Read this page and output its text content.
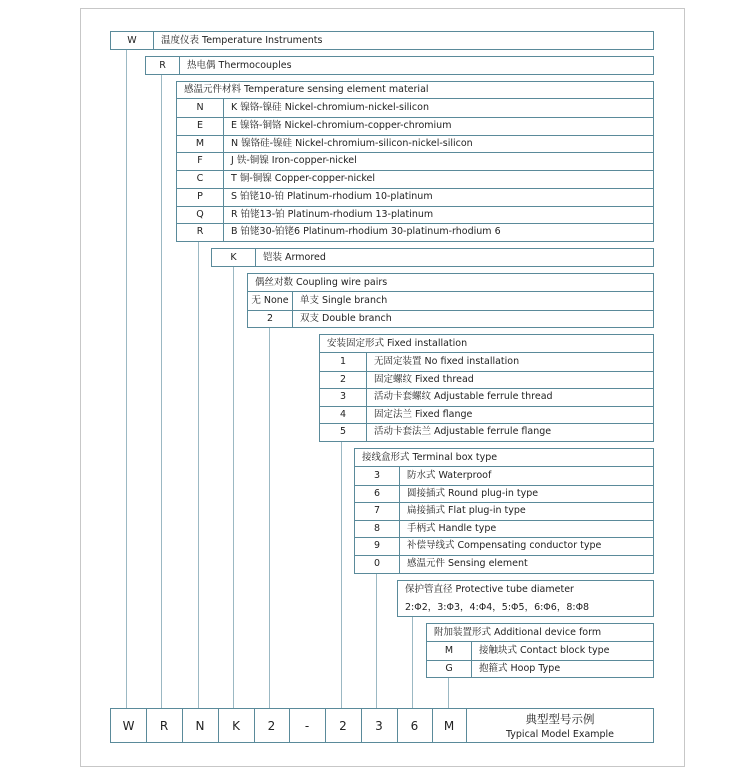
W	温度仪表 Temperature Instruments
R	热电偶 Thermocouples
感温元件材料 Temperature sensing element material
N	K 镍铬-镍硅 Nickel-chromium-nickel-silicon
E	E 镍铬-铜铬 Nickel-chromium-copper-chromium
M	N 镍铬硅-镍硅 Nickel-chromium-silicon-nickel-silicon
F	J 铁-铜镍 Iron-copper-nickel
C	T 铜-铜镍 Copper-copper-nickel
P	S 铂铑10-铂 Platinum-rhodium 10-platinum
Q	R 铂铑13-铂 Platinum-rhodium 13-platinum
R	B 铂铑30-铂铑6 Platinum-rhodium 30-platinum-rhodium 6
K	铠装 Armored
偶丝对数 Coupling wire pairs
无 None	单支 Single branch
2	双支 Double branch
安装固定形式 Fixed installation
1	无固定装置 No fixed installation
2	固定螺纹 Fixed thread
3	活动卡套螺纹 Adjustable ferrule thread
4	固定法兰 Fixed flange
5	活动卡套法兰 Adjustable ferrule flange
接线盒形式 Terminal box type
3	防水式 Waterproof
6	圆接插式 Round plug-in type
7	扁接插式 Flat plug-in type
8	手柄式 Handle type
9	补偿导线式 Compensating conductor type
0	感温元件 Sensing element
保护管直径 Protective tube diameter
2:Φ2，3:Φ3，4:Φ4，5:Φ5，6:Φ6，8:Φ8
附加装置形式 Additional device form
M	接触块式 Contact block type
G	抱箍式 Hoop Type
W	R	N	K	2	-	2	3	6	M	典型型号示例
Typical Model Example
